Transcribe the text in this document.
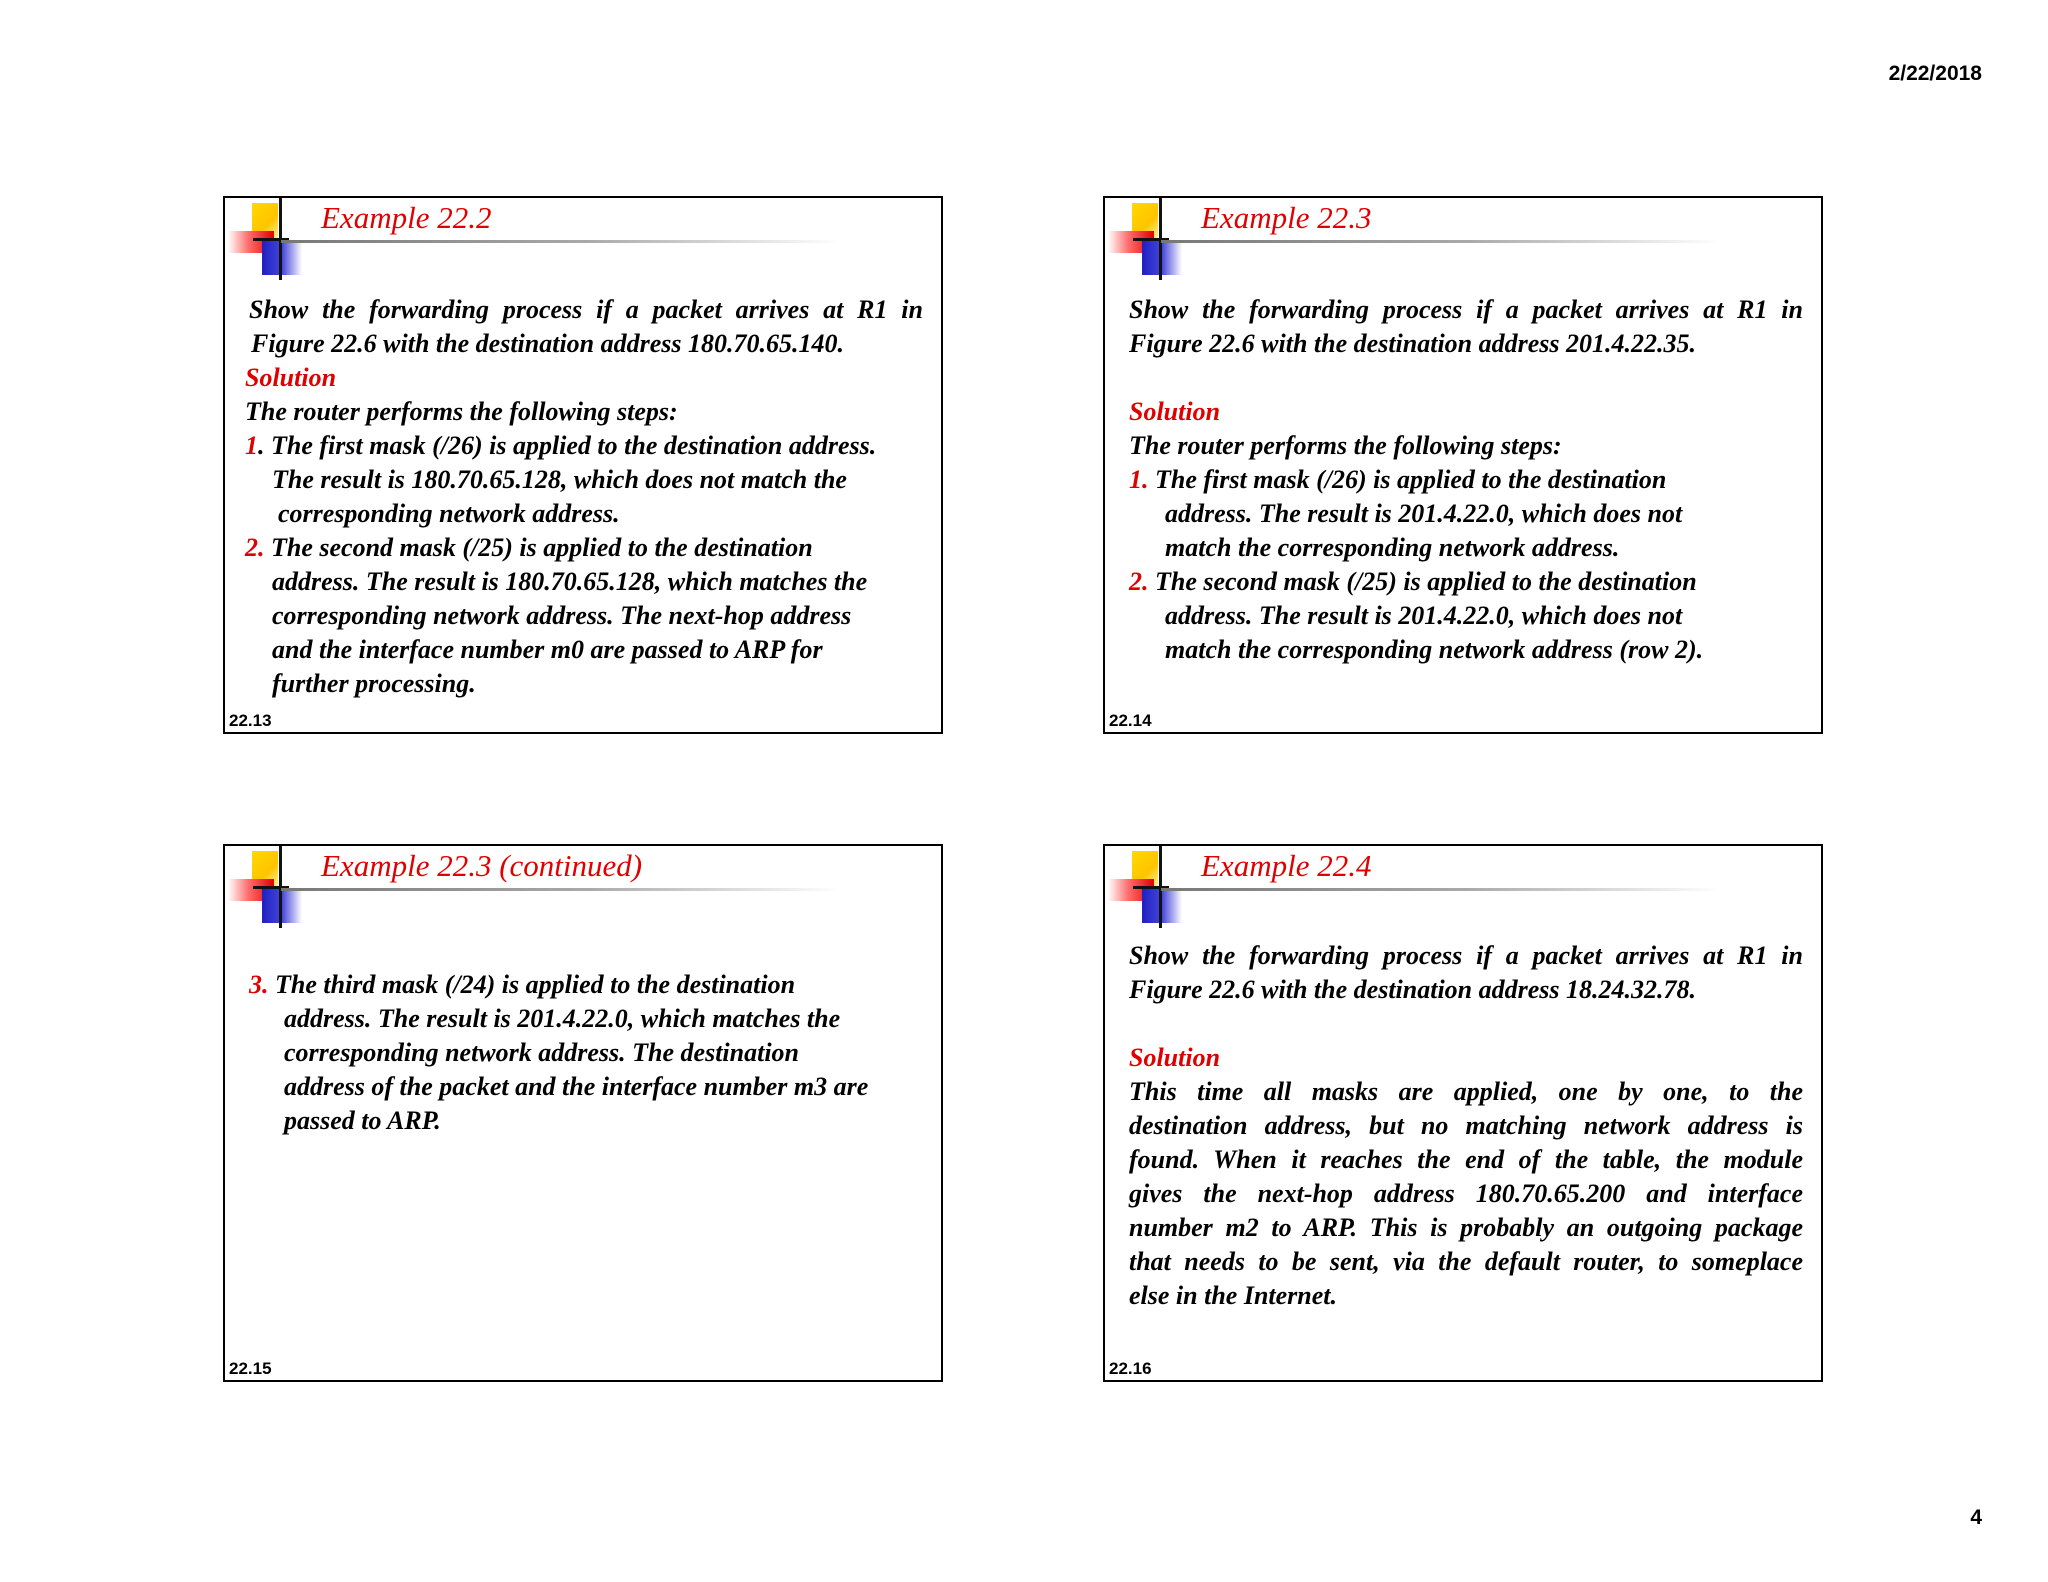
2/22/2018
Example 22.2

Show the forwarding process if a packet arrives at R1 in

Figure 22.6 with the destination address 180.70.65.140.

Solution

The router performs the following steps:

1. The first mask (/26) is applied to the destination address.

The result is 180.70.65.128, which does not match the

corresponding network address.

2. The second mask (/25) is applied to the destination

address. The result is 180.70.65.128, which matches the

corresponding network address. The next-hop address

and the interface number m0 are passed to ARP for

further processing.

22.13
Example 22.3

Show the forwarding process if a packet arrives at R1 in

Figure 22.6 with the destination address 201.4.22.35.

Solution

The router performs the following steps:

1. The first mask (/26) is applied to the destination

address. The result is 201.4.22.0, which does not

match the corresponding network address.

2. The second mask (/25) is applied to the destination

address. The result is 201.4.22.0, which does not

match the corresponding network address (row 2).

22.14
Example 22.3 (continued)

3. The third mask (/24) is applied to the destination

address. The result is 201.4.22.0, which matches the

corresponding network address. The destination

address of the packet and the interface number m3 are

passed to ARP.

22.15
Example 22.4

Show the forwarding process if a packet arrives at R1 in

Figure 22.6 with the destination address 18.24.32.78.

Solution

This time all masks are applied, one by one, to the

destination address, but no matching network address is

found. When it reaches the end of the table, the module

gives the next-hop address 180.70.65.200 and interface

number m2 to ARP. This is probably an outgoing package

that needs to be sent, via the default router, to someplace

else in the Internet.

22.16
4
